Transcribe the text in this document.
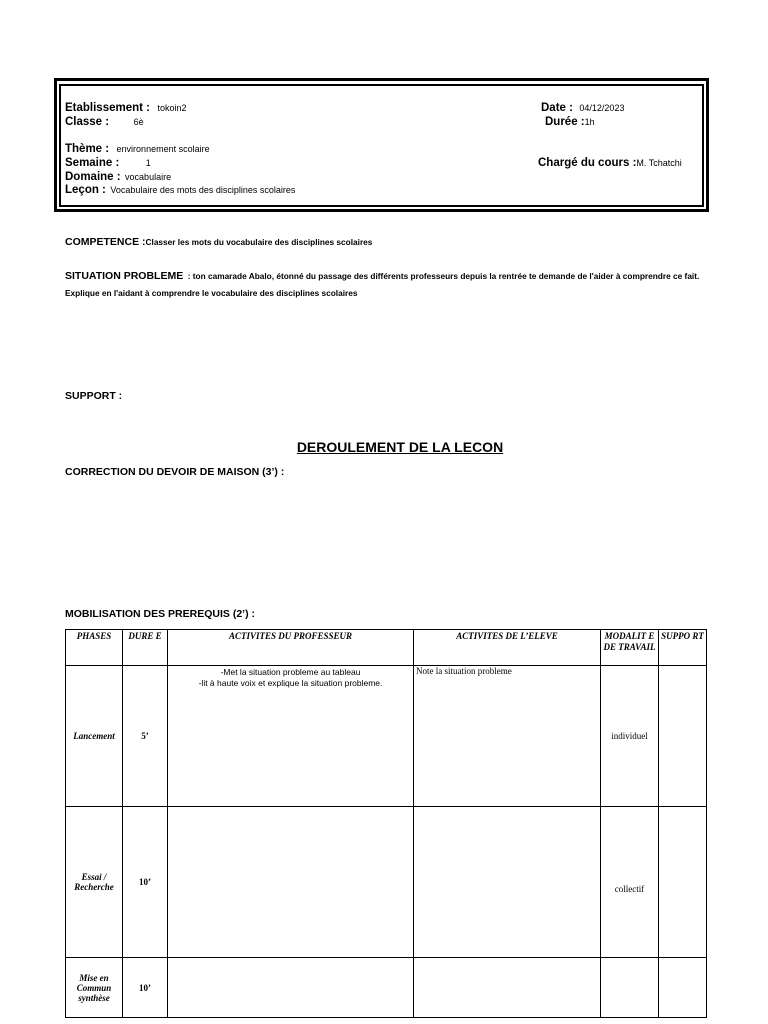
Etablissement : tokoin2
Classe :	6è
Date : 04/12/2023
Durée :1h
Thème : environnement scolaire
Semaine :	1	Chargé du cours :M. Tchatchi
Domaine : vocabulaire
Leçon : Vocabulaire des mots des disciplines scolaires
COMPETENCE :Classer les mots du vocabulaire des disciplines scolaires
SITUATION PROBLEME : ton camarade Abalo, étonné du passage des différents professeurs depuis la rentrée te demande de l'aider à comprendre ce fait. Explique en l'aidant à comprendre le vocabulaire des disciplines scolaires
SUPPORT :
DEROULEMENT DE LA LECON
CORRECTION DU DEVOIR DE MAISON (3’) :
MOBILISATION DES PREREQUIS (2’) :
PHASES	DURE E	ACTIVITES DU PROFESSEUR	ACTIVITES DE L’ELEVE	MODALIT E DE TRAVAIL	SUPPO RT
Lancement	5’	-Met la situation probleme au tableau
-lit à haute voix et explique la situation probleme.	Note la situation probleme	individuel	
Essai / Recherche	10’			collectif	
Mise en Commun synthèse	10’	
